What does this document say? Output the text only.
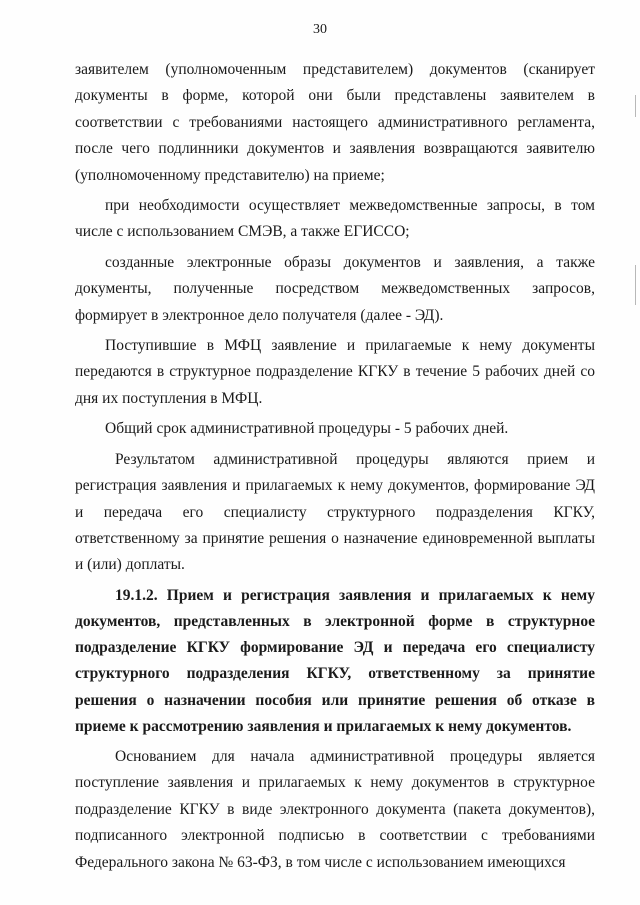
30

заявителем (уполномоченным представителем) документов (сканирует документы в форме, которой они были представлены заявителем в соответствии с требованиями настоящего административного регламента, после чего подлинники документов и заявления возвращаются заявителю (уполномоченному представителю) на приеме;

при необходимости осуществляет межведомственные запросы, в том числе с использованием СМЭВ, а также ЕГИССО;

созданные электронные образы документов и заявления, а также документы, полученные посредством межведомственных запросов, формирует в электронное дело получателя (далее - ЭД).

Поступившие в МФЦ заявление и прилагаемые к нему документы передаются в структурное подразделение КГКУ в течение 5 рабочих дней со дня их поступления в МФЦ.

Общий срок административной процедуры - 5 рабочих дней.

Результатом административной процедуры являются прием и регистрация заявления и прилагаемых к нему документов, формирование ЭД и передача его специалисту структурного подразделения КГКУ, ответственному за принятие решения о назначение единовременной выплаты и (или) доплаты.

19.1.2. Прием и регистрация заявления и прилагаемых к нему документов, представленных в электронной форме в структурное подразделение КГКУ формирование ЭД и передача его специалисту структурного подразделения КГКУ, ответственному за принятие решения о назначении пособия или принятие решения об отказе в приеме к рассмотрению заявления и прилагаемых к нему документов.

Основанием для начала административной процедуры является поступление заявления и прилагаемых к нему документов в структурное подразделение КГКУ в виде электронного документа (пакета документов), подписанного электронной подписью в соответствии с требованиями Федерального закона № 63-ФЗ, в том числе с использованием имеющихся
